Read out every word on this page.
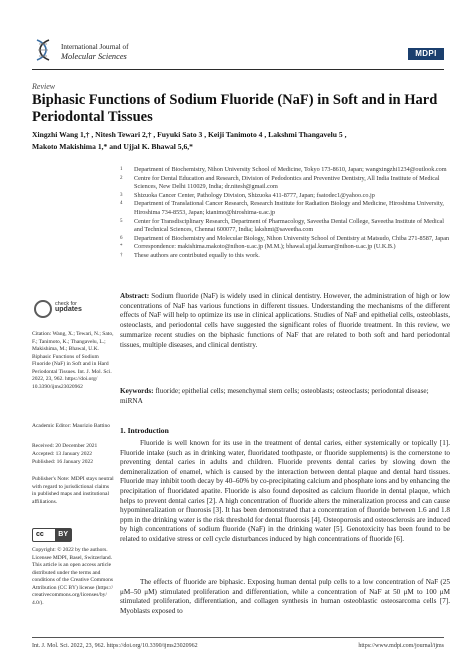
International Journal of
Molecular Sciences	MDPI
Review
Biphasic Functions of Sodium Fluoride (NaF) in Soft and in Hard Periodontal Tissues
Xingzhi Wang 1,† , Nitesh Tewari 2,† , Fuyuki Sato 3 , Keiji Tanimoto 4 , Lakshmi Thangavelu 5 ,
Makoto Makishima 1,* and Ujjal K. Bhawal 5,6,*
1	Department of Biochemistry, Nihon University School of Medicine, Tokyo 173-8610, Japan; wangxingzhi1234@outlook.com
2	Centre for Dental Education and Research, Division of Pedodontics and Preventive Dentistry, All India Institute of Medical Sciences, New Delhi 110029, India; dr.nitesh@gmail.com
3	Shizuoka Cancer Center, Pathology Division, Shizuoka 411-8777, Japan; fsatodec1@yahoo.co.jp
4	Department of Translational Cancer Research, Research Institute for Radiation Biology and Medicine, Hiroshima University, Hiroshima 734-8553, Japan; ktanimo@hiroshima-u.ac.jp
5	Center for Transdisciplinary Research, Department of Pharmacology, Saveetha Dental College, Saveetha Institute of Medical and Technical Sciences, Chennai 600077, India; lakshmi@saveetha.com
6	Department of Biochemistry and Molecular Biology, Nihon University School of Dentistry at Matsudo, Chiba 271-8587, Japan
*	Correspondence: makishima.makoto@nihon-u.ac.jp (M.M.); bhawal.ujjal.kumar@nihon-u.ac.jp (U.K.B.)
†	These authors are contributed equally to this work.
Abstract: Sodium fluoride (NaF) is widely used in clinical dentistry. However, the administration of high or low concentrations of NaF has various functions in different tissues. Understanding the mechanisms of the different effects of NaF will help to optimize its use in clinical applications. Studies of NaF and epithelial cells, osteoblasts, osteoclasts, and periodontal cells have suggested the significant roles of fluoride treatment. In this review, we summarize recent studies on the biphasic functions of NaF that are related to both soft and hard periodontal tissues, multiple diseases, and clinical dentistry.
Keywords: fluoride; epithelial cells; mesenchymal stem cells; osteoblasts; osteoclasts; periodontal disease; miRNA
check for
updates
Citation: Wang, X.; Tewari, N.; Sato, F.; Tanimoto, K.; Thangavelu, L.; Makishima, M.; Bhawal, U.K. Biphasic Functions of Sodium Fluoride (NaF) in Soft and in Hard Periodontal Tissues. Int. J. Mol. Sci. 2022, 23, 962. https://doi.org/ 10.3390/ijms23020962
Academic Editor: Maurizio Battino
Received: 20 December 2021
Accepted: 13 January 2022
Published: 16 January 2022
Publisher's Note: MDPI stays neutral with regard to jurisdictional claims in published maps and institutional affiliations.
cc	BY
Copyright: © 2022 by the authors. Licensee MDPI, Basel, Switzerland. This article is an open access article distributed under the terms and conditions of the Creative Commons Attribution (CC BY) license (https:// creativecommons.org/licenses/by/ 4.0/).
1. Introduction
Fluoride is well known for its use in the treatment of dental caries, either systemically or topically [1]. Fluoride intake (such as in drinking water, fluoridated toothpaste, or fluoride supplements) is the cornerstone to preventing dental caries in adults and children. Fluoride prevents dental caries by slowing down the demineralization of enamel, which is caused by the interaction between dental plaque and dental hard tissues. Fluoride may inhibit tooth decay by 40–60% by co-precipitating calcium and phosphate ions and by enhancing the precipitation of fluoridated apatite. Fluoride is also found deposited as calcium fluoride in dental plaque, which helps to prevent dental caries [2]. A high concentration of fluoride alters the mineralization process and can cause hypomineralization or fluorosis [3]. It has been demonstrated that a concentration of fluoride between 1.6 and 1.8 ppm in the drinking water is the risk threshold for dental fluorosis [4]. Osteoporosis and osteosclerosis are induced by high concentrations of sodium fluoride (NaF) in the drinking water [5]. Genotoxicity has been found to be related to oxidative stress or cell cycle disturbances induced by high concentrations of fluoride [6].
The effects of fluoride are biphasic. Exposing human dental pulp cells to a low concentration of NaF (25 μM–50 μM) stimulated proliferation and differentiation, while a concentration of NaF at 50 μM to 100 μM stimulated proliferation, differentiation, and collagen synthesis in human osteoblastic osteosarcoma cells [7]. Myoblasts exposed to
Int. J. Mol. Sci. 2022, 23, 962. https://doi.org/10.3390/ijms23020962	https://www.mdpi.com/journal/ijms
